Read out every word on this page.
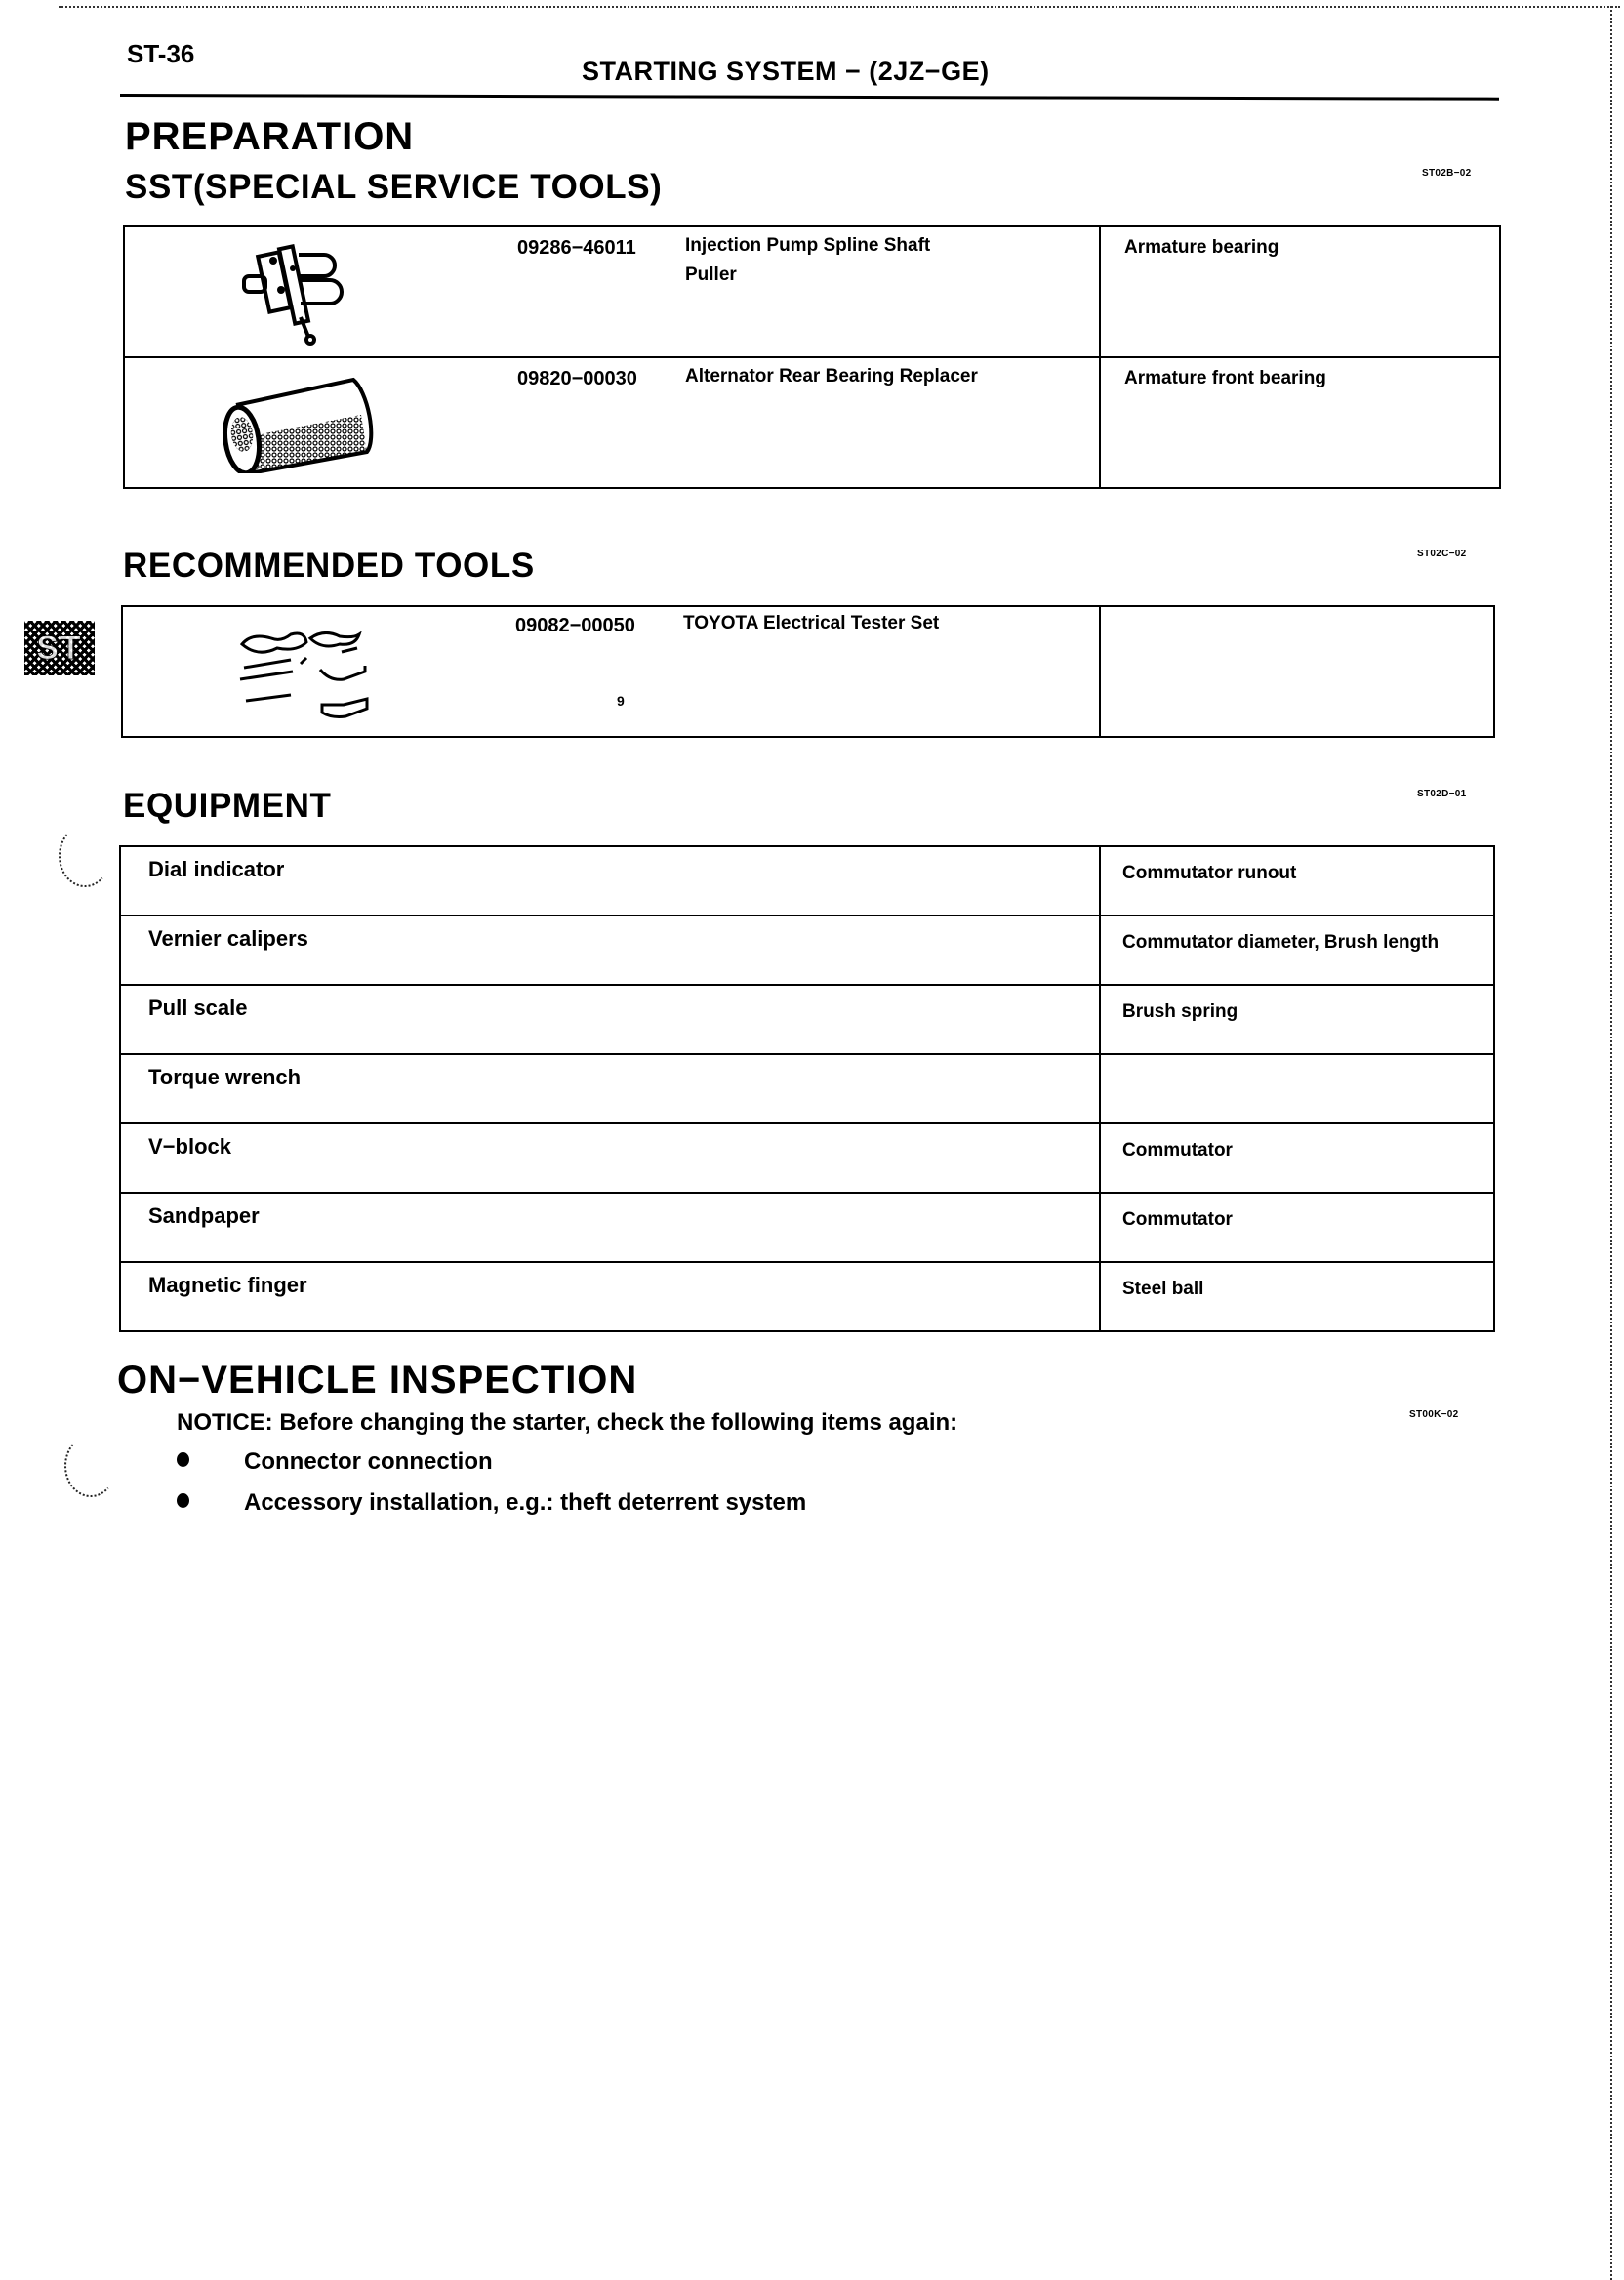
ST-36
STARTING SYSTEM − (2JZ−GE)
ST
PREPARATION
SST(SPECIAL SERVICE TOOLS)	ST02B−02
09286−46011 Injection Pump Spline Shaft
Puller	Armature bearing

09820−00030 Alternator Rear Bearing Replacer	Armature front bearing
RECOMMENDED TOOLS	ST02C−02
09082−00050	TOYOTA Electrical Tester Set
9

EQUIPMENT	ST02D−01
Dial indicator	Commutator runout

Vernier calipers	Commutator diameter, Brush length

Pull scale	Brush spring

Torque wrench	

V−block	Commutator

Sandpaper	Commutator

Magnetic finger	Steel ball
ON−VEHICLE INSPECTION
ST00K−02
NOTICE: Before changing the starter, check the following items again:
Connector connection
Accessory installation, e.g.: theft deterrent system
